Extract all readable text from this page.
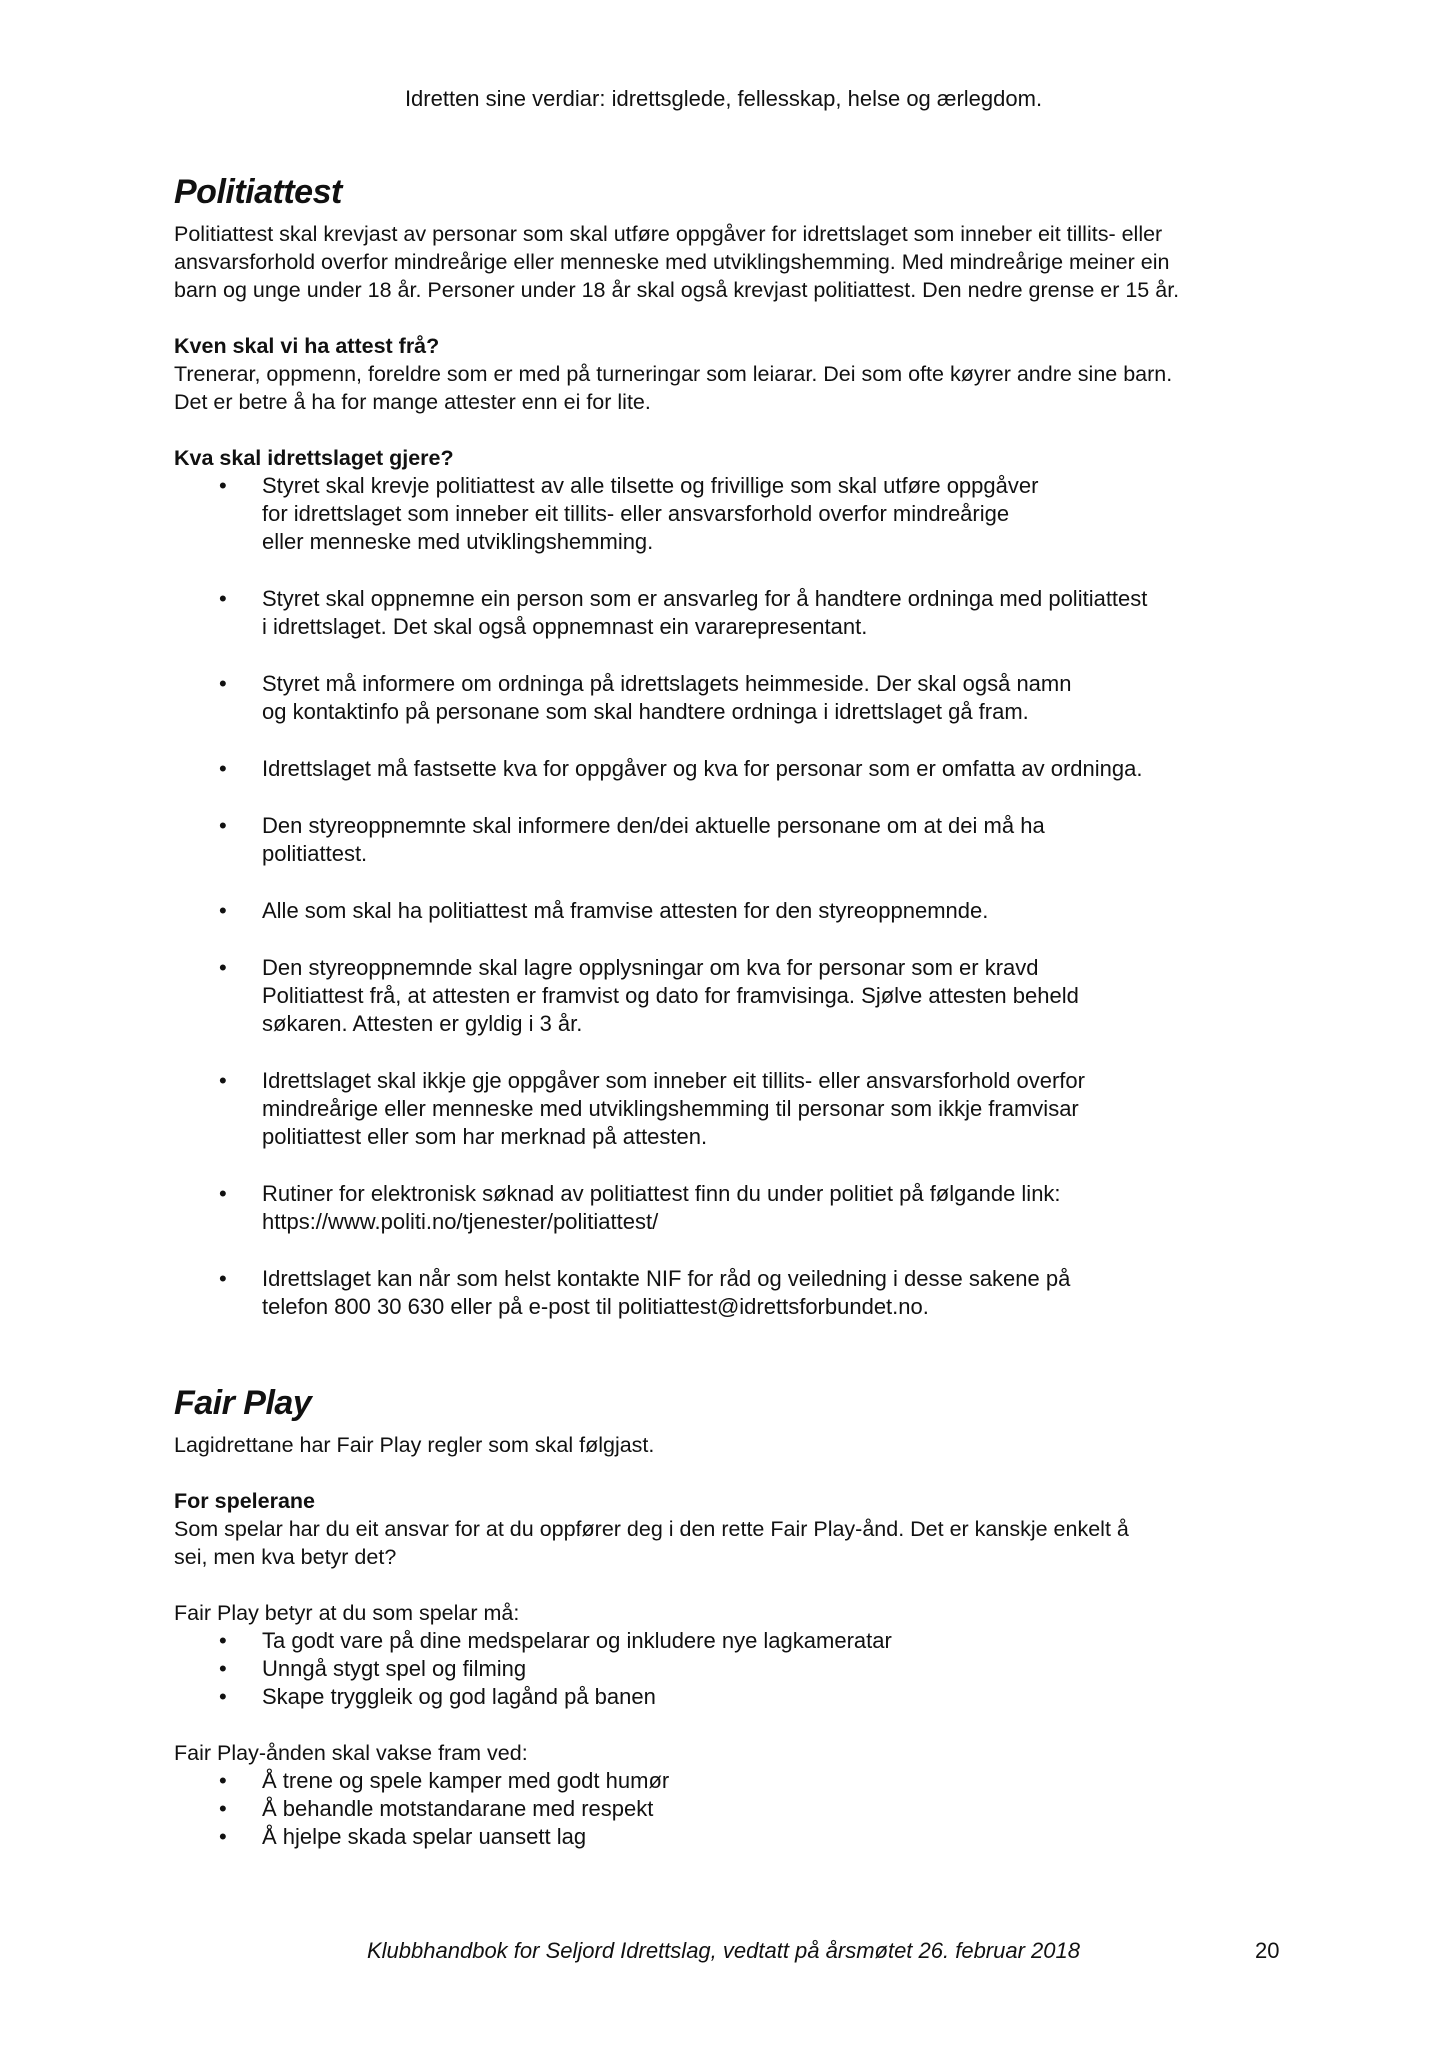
Idretten sine verdiar: idrettsglede, fellesskap, helse og ærlegdom.
Politiattest

Politiattest skal krevjast av personar som skal utføre oppgåver for idrettslaget som inneber eit tillits- eller

ansvarsforhold overfor mindreårige eller menneske med utviklingshemming. Med mindreårige meiner ein

barn og unge under 18 år. Personer under 18 år skal også krevjast politiattest. Den nedre grense er 15 år.

Kven skal vi ha attest frå?

Trenerar, oppmenn, foreldre som er med på turneringar som leiarar. Dei som ofte køyrer andre sine barn.

Det er betre å ha for mange attester enn ei for lite.

Kva skal idrettslaget gjere?

• Styret skal krevje politiattest av alle tilsette og frivillige som skal utføre oppgåver
for idrettslaget som inneber eit tillits- eller ansvarsforhold overfor mindreårige
eller menneske med utviklingshemming.
• Styret skal oppnemne ein person som er ansvarleg for å handtere ordninga med politiattest
i idrettslaget. Det skal også oppnemnast ein vararepresentant.
• Styret må informere om ordninga på idrettslagets heimmeside. Der skal også namn
og kontaktinfo på personane som skal handtere ordninga i idrettslaget gå fram.
• Idrettslaget må fastsette kva for oppgåver og kva for personar som er omfatta av ordninga.
• Den styreoppnemnte skal informere den/dei aktuelle personane om at dei må ha
politiattest.
• Alle som skal ha politiattest må framvise attesten for den styreoppnemnde.
• Den styreoppnemnde skal lagre opplysningar om kva for personar som er kravd
Politiattest frå, at attesten er framvist og dato for framvisinga. Sjølve attesten beheld
søkaren. Attesten er gyldig i 3 år.
• Idrettslaget skal ikkje gje oppgåver som inneber eit tillits- eller ansvarsforhold overfor
mindreårige eller menneske med utviklingshemming til personar som ikkje framvisar
politiattest eller som har merknad på attesten.
• Rutiner for elektronisk søknad av politiattest finn du under politiet på følgande link:
https://www.politi.no/tjenester/politiattest/
• Idrettslaget kan når som helst kontakte NIF for råd og veiledning i desse sakene på
telefon 800 30 630 eller på e-post til politiattest@idrettsforbundet.no.
Fair Play

Lagidrettane har Fair Play regler som skal følgjast.

For spelerane

Som spelar har du eit ansvar for at du oppfører deg i den rette Fair Play-ånd. Det er kanskje enkelt å

sei, men kva betyr det?

Fair Play betyr at du som spelar må:

• Ta godt vare på dine medspelarar og inkludere nye lagkameratar
• Unngå stygt spel og filming
• Skape tryggleik og god lagånd på banen

Fair Play-ånden skal vakse fram ved:

• Å trene og spele kamper med godt humør
• Å behandle motstandarane med respekt
• Å hjelpe skada spelar uansett lag
Klubbhandbok for Seljord Idrettslag, vedtatt på årsmøtet 26. februar 2018	20
